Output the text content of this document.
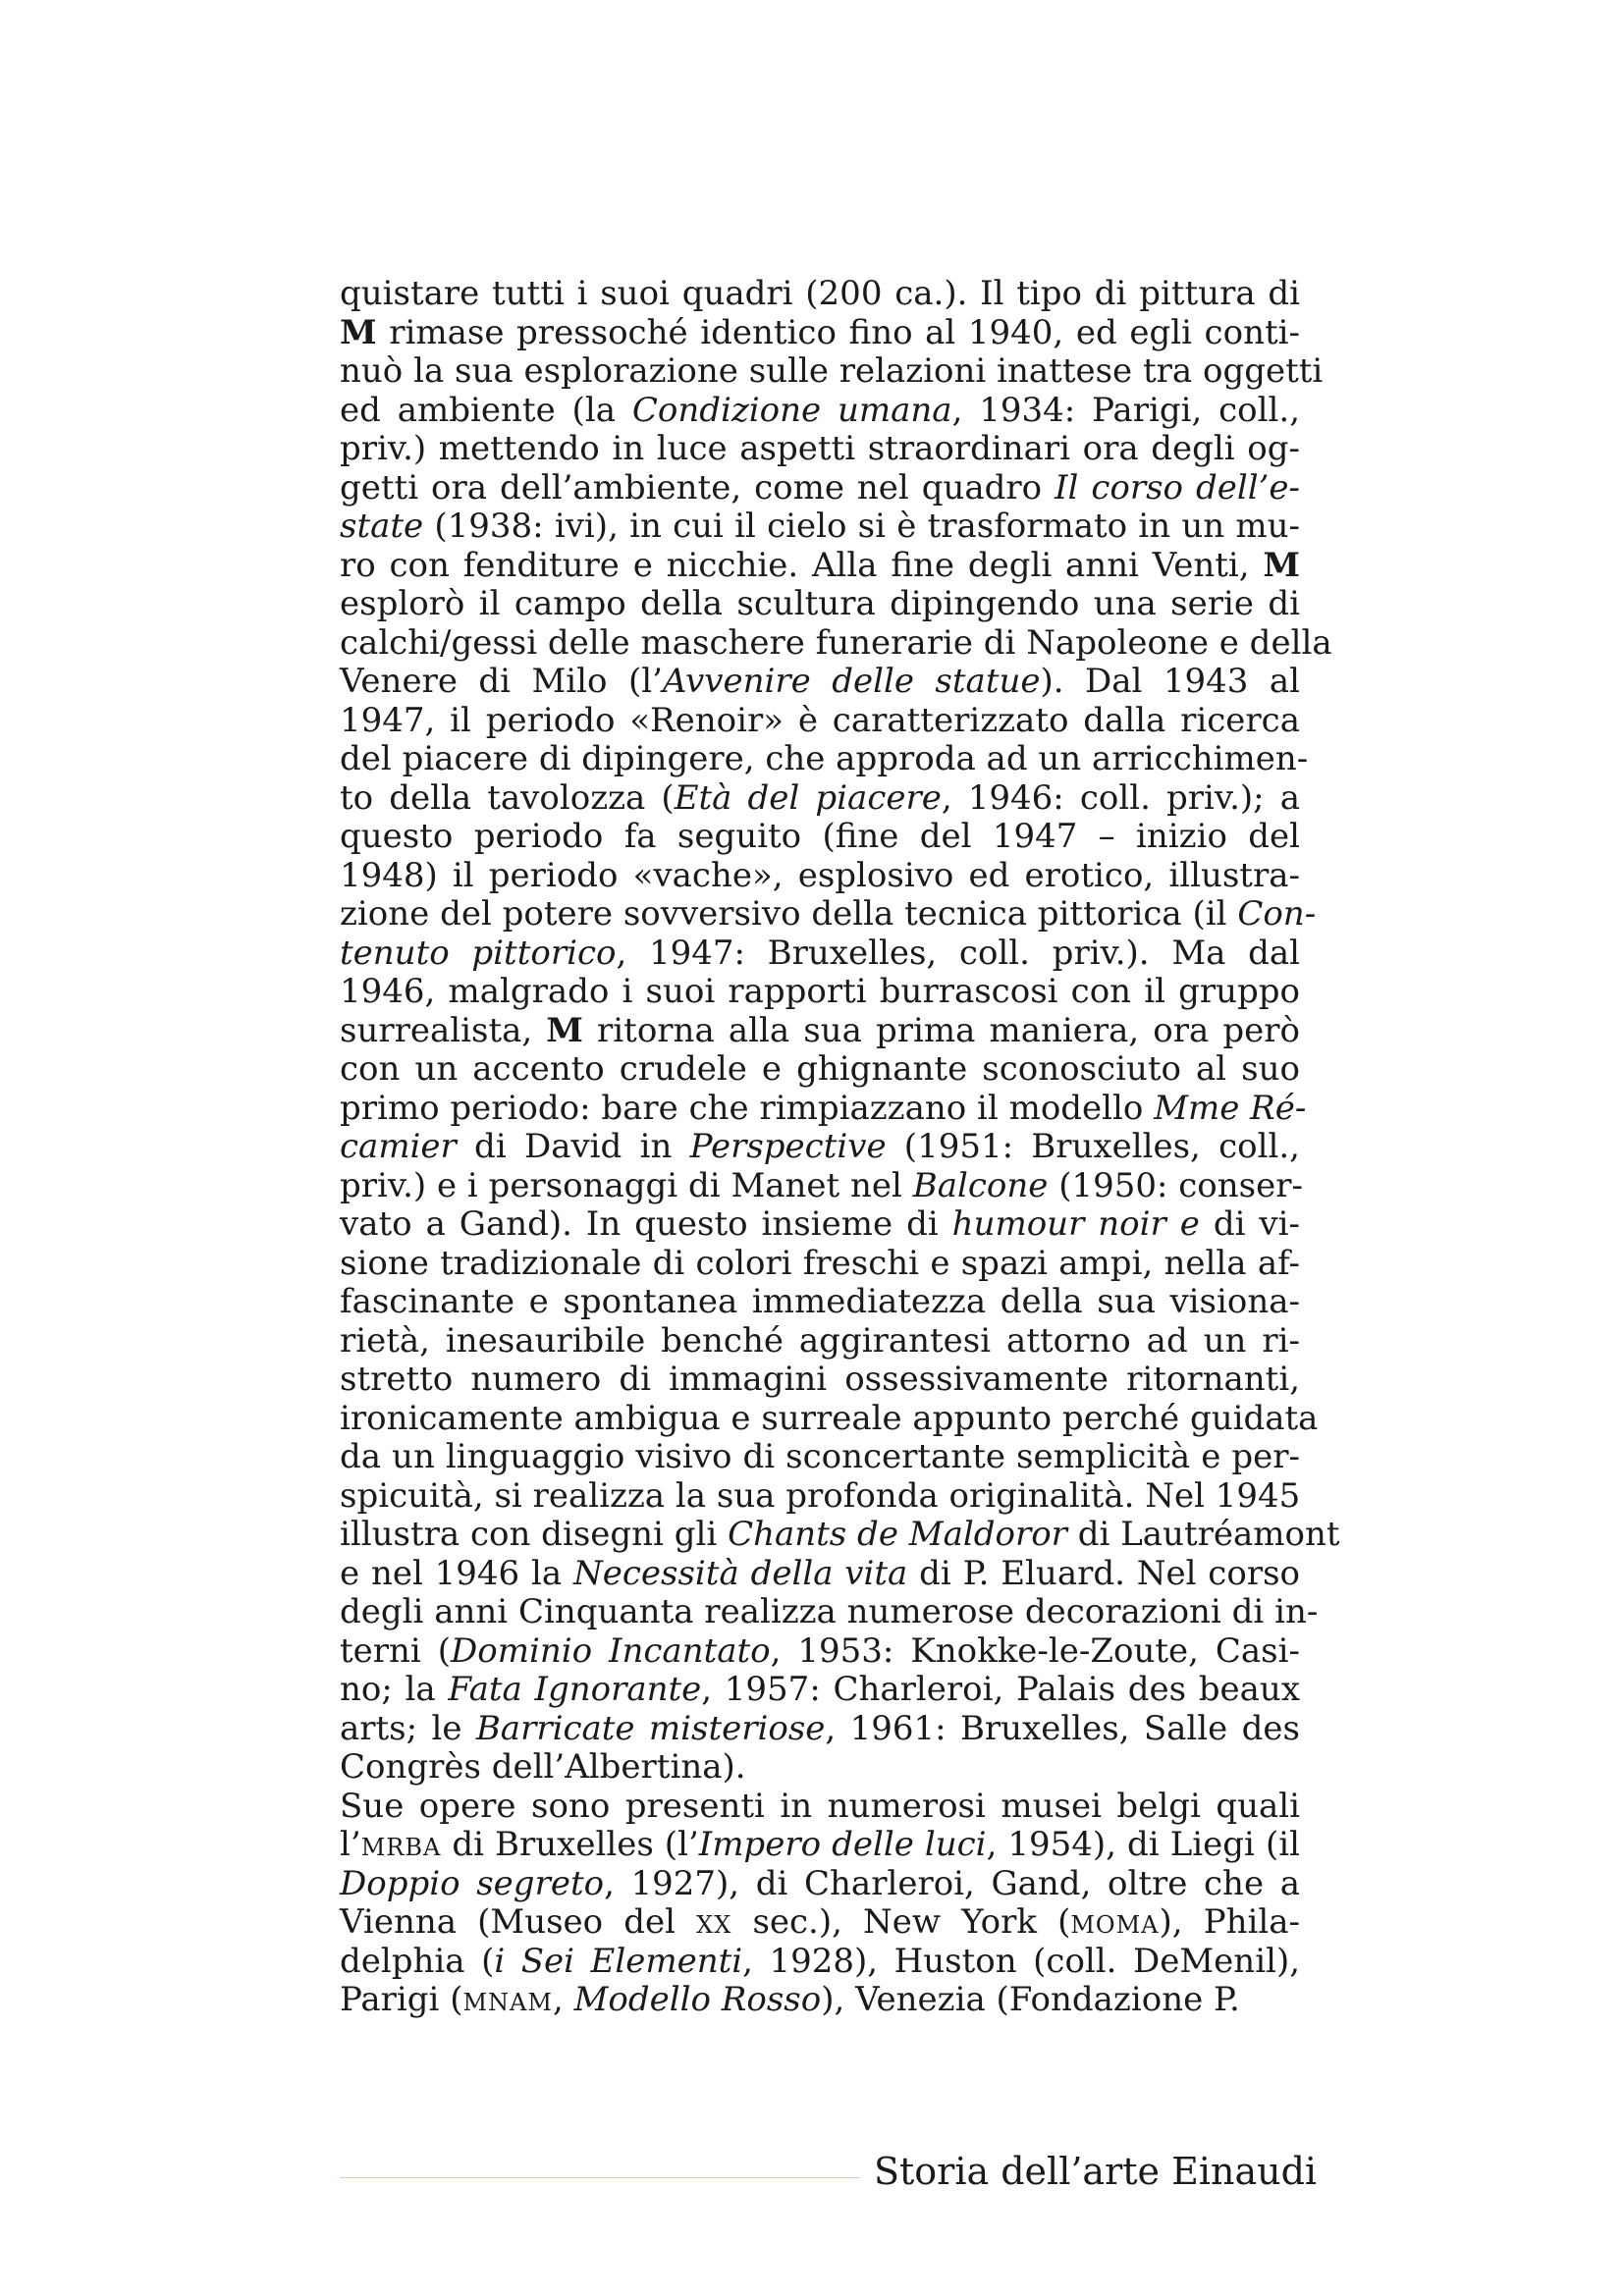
quistare tutti i suoi quadri (200 ca.). Il tipo di pittura di
M rimase pressoché identico fino al 1940, ed egli conti-
nuò la sua esplorazione sulle relazioni inattese tra oggetti
ed ambiente (la Condizione umana, 1934: Parigi, coll.,
priv.) mettendo in luce aspetti straordinari ora degli og-
getti ora dell’ambiente, come nel quadro Il corso dell’e-
state (1938: ivi), in cui il cielo si è trasformato in un mu-
ro con fenditure e nicchie. Alla fine degli anni Venti, M
esplorò il campo della scultura dipingendo una serie di
calchi/gessi delle maschere funerarie di Napoleone e della
Venere di Milo (l’Avvenire delle statue). Dal 1943 al
1947, il periodo «Renoir» è caratterizzato dalla ricerca
del piacere di dipingere, che approda ad un arricchimen-
to della tavolozza (Età del piacere, 1946: coll. priv.); a
questo periodo fa seguito (fine del 1947 – inizio del
1948) il periodo «vache», esplosivo ed erotico, illustra-
zione del potere sovversivo della tecnica pittorica (il Con-
tenuto pittorico, 1947: Bruxelles, coll. priv.). Ma dal
1946, malgrado i suoi rapporti burrascosi con il gruppo
surrealista, M ritorna alla sua prima maniera, ora però
con un accento crudele e ghignante sconosciuto al suo
primo periodo: bare che rimpiazzano il modello Mme Ré-
camier di David in Perspective (1951: Bruxelles, coll.,
priv.) e i personaggi di Manet nel Balcone (1950: conser-
vato a Gand). In questo insieme di humour noir e di vi-
sione tradizionale di colori freschi e spazi ampi, nella af-
fascinante e spontanea immediatezza della sua visiona-
rietà, inesauribile benché aggirantesi attorno ad un ri-
stretto numero di immagini ossessivamente ritornanti,
ironicamente ambigua e surreale appunto perché guidata
da un linguaggio visivo di sconcertante semplicità e per-
spicuità, si realizza la sua profonda originalità. Nel 1945
illustra con disegni gli Chants de Maldoror di Lautréamont
e nel 1946 la Necessità della vita di P. Eluard. Nel corso
degli anni Cinquanta realizza numerose decorazioni di in-
terni (Dominio Incantato, 1953: Knokke-le-Zoute, Casi-
no; la Fata Ignorante, 1957: Charleroi, Palais des beaux
arts; le Barricate misteriose, 1961: Bruxelles, Salle des
Congrès dell’Albertina).
Sue opere sono presenti in numerosi musei belgi quali
l’mrba di Bruxelles (l’Impero delle luci, 1954), di Liegi (il
Doppio segreto, 1927), di Charleroi, Gand, oltre che a
Vienna (Museo del xx sec.), New York (moma), Phila-
delphia (i Sei Elementi, 1928), Huston (coll. DeMenil),
Parigi (mnam, Modello Rosso), Venezia (Fondazione P.
Storia dell’arte Einaudi
